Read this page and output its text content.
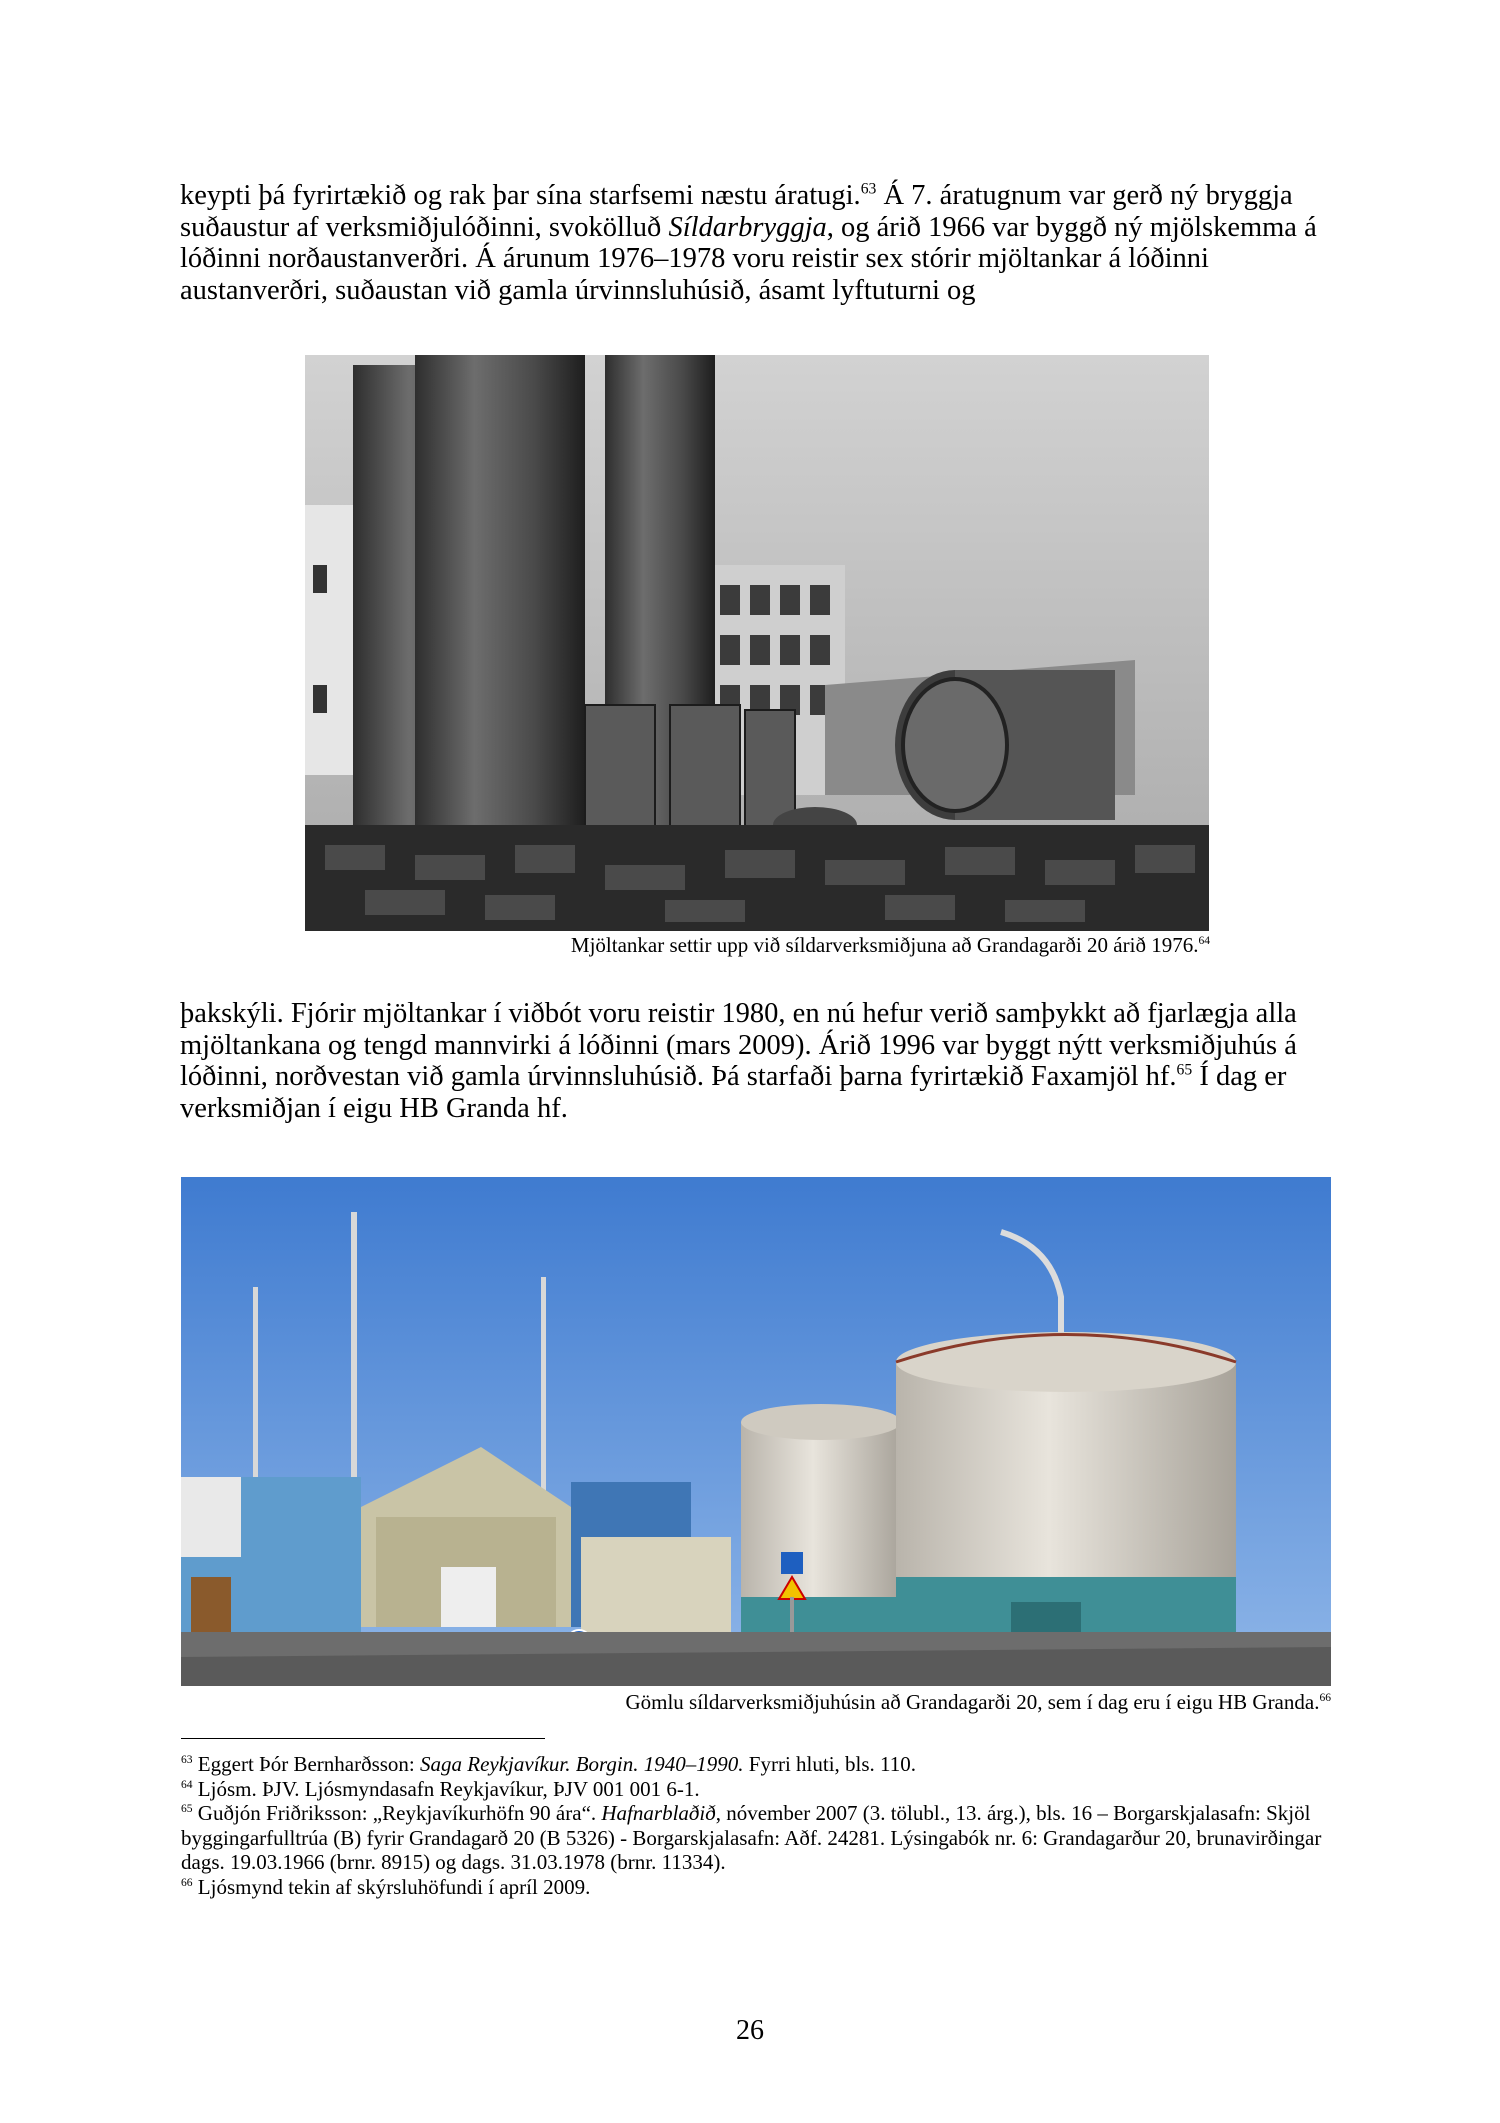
keypti þá fyrirtækið og rak þar sína starfsemi næstu áratugi.$^{63}$ Á 7. áratugnum var gerð ný bryggja suðaustur af verksmiðjulóðinni, svokölluð Síldarbryggja, og árið 1966 var byggð ný mjölskemma á lóðinni norðaustanverðri. Á árunum 1976–1978 voru reistir sex stórir mjöltankar á lóðinni austanverðri, suðaustan við gamla úrvinnsluhúsið, ásamt lyftuturni og

Mjöltankar settir upp við síldarverksmiðjuna að Grandagarði 20 árið 1976.64

þakskýli. Fjórir mjöltankar í viðbót voru reistir 1980, en nú hefur verið samþykkt að fjarlægja alla mjöltankana og tengd mannvirki á lóðinni (mars 2009). Árið 1996 var byggt nýtt verksmiðjuhús á lóðinni, norðvestan við gamla úrvinnsluhúsið. Þá starfaði þarna fyrirtækið Faxamjöl hf.$^{65}$ Í dag er verksmiðjan í eigu HB Granda hf.

Gömlu síldarverksmiðjuhúsin að Grandagarði 20, sem í dag eru í eigu HB Granda.$^{66}$

$^{63}$ Eggert Þór Bernharðsson: Saga Reykjavíkur. Borgin. 1940–1990. Fyrri hluti, bls. 110.

$^{64}$ Ljósm. ÞJV. Ljósmyndasafn Reykjavíkur, ÞJV 001 001 6-1.

$^{65}$ Guðjón Friðriksson: „Reykjavíkurhöfn 90 ára“. Hafnarblaðið, nóvember 2007 (3. tölubl., 13. árg.), bls. 16 – Borgarskjalasafn: Skjöl byggingarfulltrúa (B) fyrir Grandagarð 20 (B 5326) - Borgarskjalasafn: Aðf. 24281. Lýsingabók nr. 6: Grandagarður 20, brunavirðingar dags. 19.03.1966 (brnr. 8915) og dags. 31.03.1978 (brnr. 11334).

$^{66}$ Ljósmynd tekin af skýrsluhöfundi í apríl 2009.

26
